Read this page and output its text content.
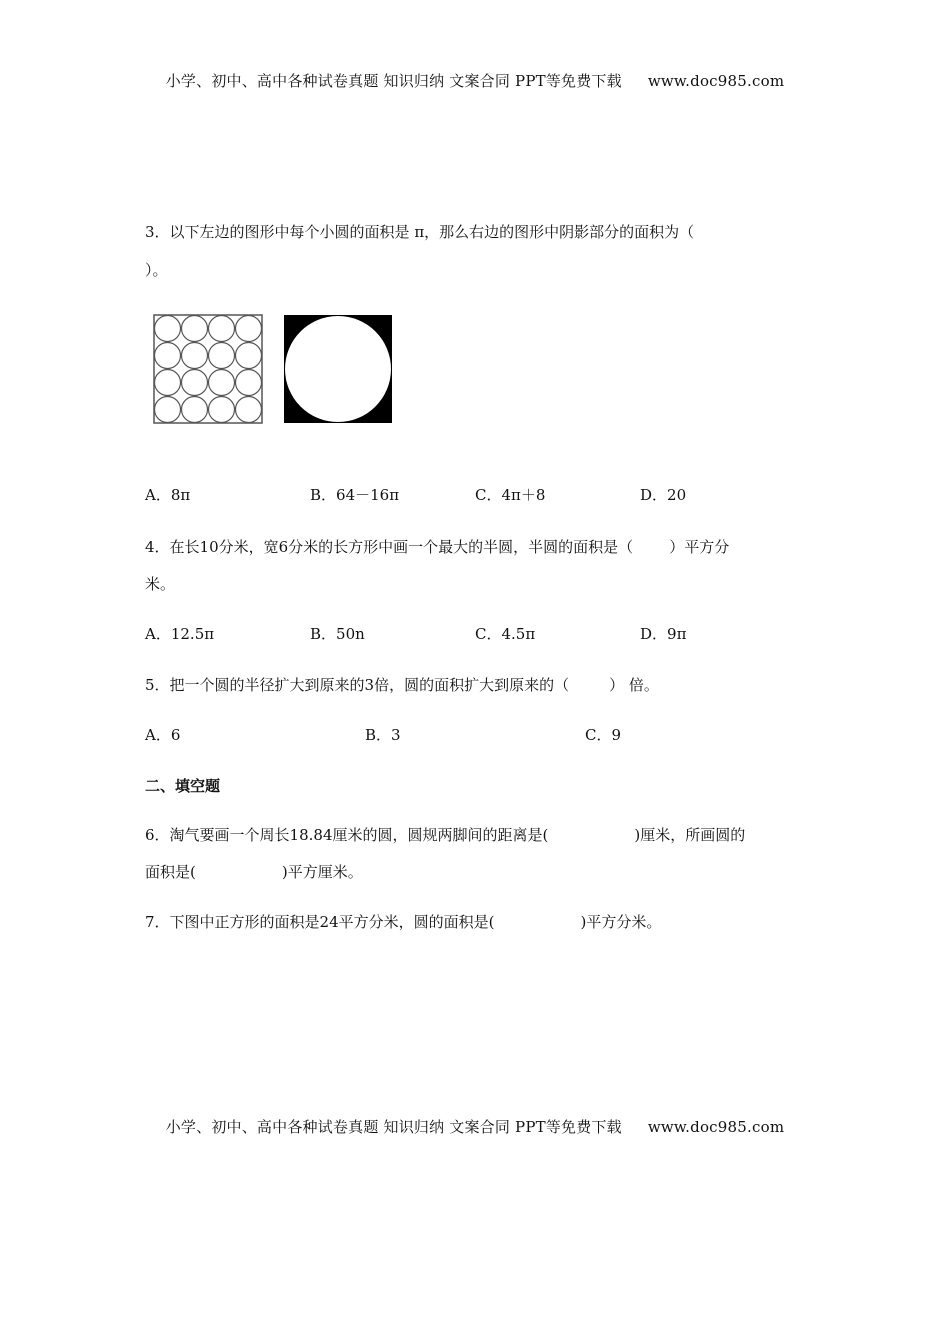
小学、初中、高中各种试卷真题 知识归纳 文案合同 PPT等免费下载 www.doc985.com
3．以下左边的图形中每个小圆的面积是 π，那么右边的图形中阴影部分的面积为（
）。
A．8π	B．64－16π	C．4π＋8	D．20
4．在长10分米，宽6分米的长方形中画一个最大的半圆，半圆的面积是（ ）平方分
米。
A．12.5π	B．50n	C．4.5π	D．9π
5．把一个圆的半径扩大到原来的3倍，圆的面积扩大到原来的（	） 倍。
A．6	B．3	C．9
二、填空题
6．淘气要画一个周长18.84厘米的圆，圆规两脚间的距离是(	)厘米，所画圆的
面积是(	)平方厘米。
7．下图中正方形的面积是24平方分米，圆的面积是(	)平方分米。
小学、初中、高中各种试卷真题 知识归纳 文案合同 PPT等免费下载 www.doc985.com
